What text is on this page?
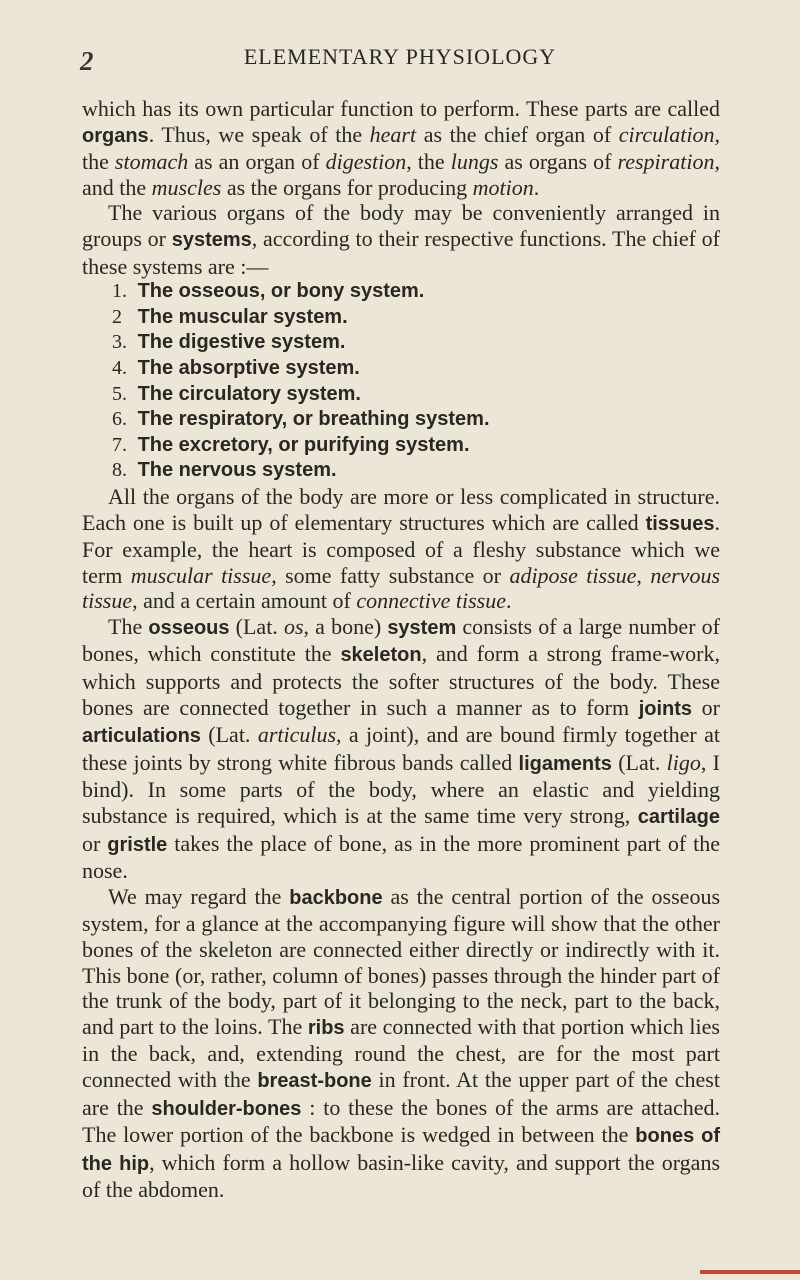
2	ELEMENTARY PHYSIOLOGY

which has its own particular function to perform. These parts are called organs. Thus, we speak of the heart as the chief organ of circulation, the stomach as an organ of digestion, the lungs as organs of respiration, and the muscles as the organs for producing motion.

The various organs of the body may be conveniently arranged in groups or systems, according to their respective functions. The chief of these systems are :—

1. The osseous, or bony system.
2 The muscular system.
3. The digestive system.
4. The absorptive system.
5. The circulatory system.
6. The respiratory, or breathing system.
7. The excretory, or purifying system.
8. The nervous system.

All the organs of the body are more or less complicated in structure. Each one is built up of elementary structures which are called tissues. For example, the heart is composed of a fleshy substance which we term muscular tissue, some fatty substance or adipose tissue, nervous tissue, and a certain amount of connective tissue.

The osseous (Lat. os, a bone) system consists of a large number of bones, which constitute the skeleton, and form a strong frame-work, which supports and protects the softer structures of the body. These bones are connected together in such a manner as to form joints or articulations (Lat. articulus, a joint), and are bound firmly together at these joints by strong white fibrous bands called ligaments (Lat. ligo, I bind). In some parts of the body, where an elastic and yielding substance is required, which is at the same time very strong, cartilage or gristle takes the place of bone, as in the more prominent part of the nose.

We may regard the backbone as the central portion of the osseous system, for a glance at the accompanying figure will show that the other bones of the skeleton are connected either directly or indirectly with it. This bone (or, rather, column of bones) passes through the hinder part of the trunk of the body, part of it belonging to the neck, part to the back, and part to the loins. The ribs are connected with that portion which lies in the back, and, extending round the chest, are for the most part connected with the breast-bone in front. At the upper part of the chest are the shoulder-bones : to these the bones of the arms are attached. The lower portion of the backbone is wedged in between the bones of the hip, which form a hollow basin-like cavity, and support the organs of the abdomen.
